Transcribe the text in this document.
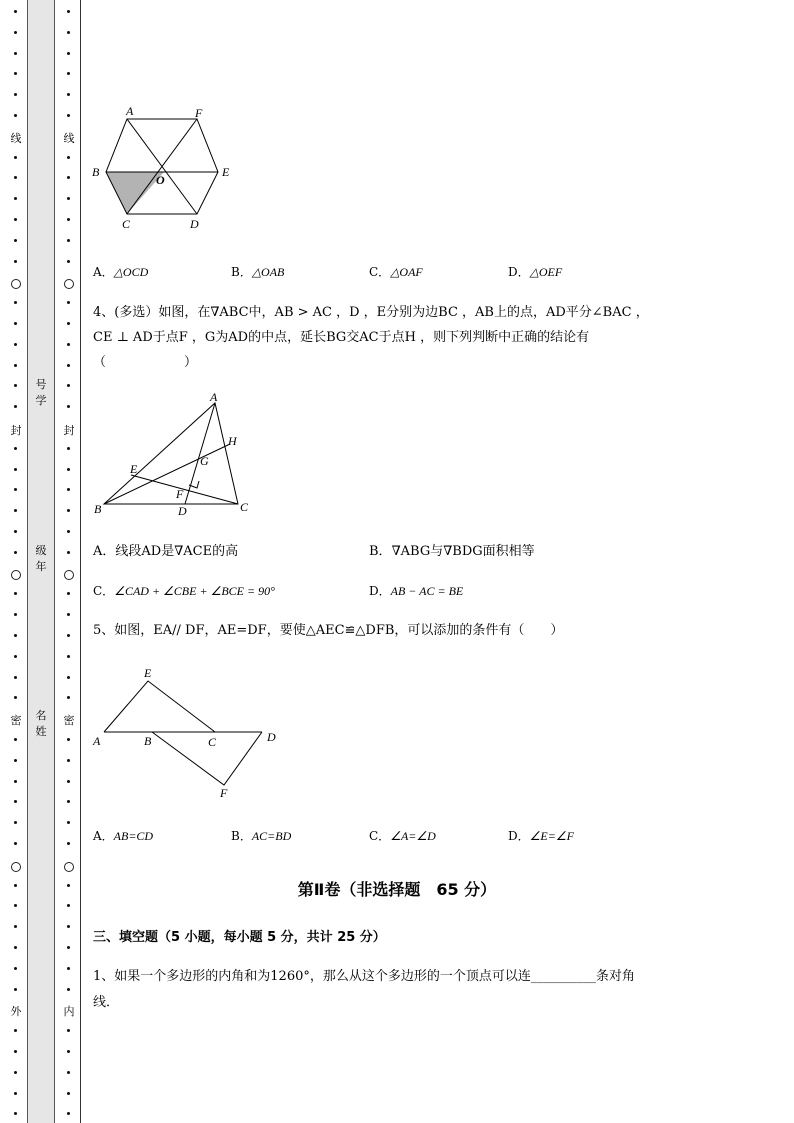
线
封
密
外
线
封
密
内
号学
级年
名姓
A	F
B
O
E
C	D
A．△OCD	B．△OAB	C．△OAF	D．△OEF
4、(多选）如图，在∇ABC中，AB > AC ，D ，E分别为边BC ，AB上的点，AD平分∠BAC ，
CE ⊥ AD于点F ，G为AD的中点，延长BG交AC于点H ，则下列判断中正确的结论有
（　　　　　　）
A
H
G
E
F
B	D	C
A．线段AD是∇ACE的高	B．∇ABG与∇BDG面积相等
C．∠CAD + ∠CBE + ∠BCE = 90°	D．AB − AC = BE
5、如图，EA// DF，AE=DF，要使△AEC≌△DFB，可以添加的条件有（　　）
E
A	B	C	D
F
A．AB=CD	B．AC=BD	C．∠A=∠D	D．∠E=∠F
第Ⅱ卷（非选择题　65 分）
三、填空题（5 小题，每小题 5 分，共计 25 分）
1、如果一个多边形的内角和为1260°，那么从这个多边形的一个顶点可以连__________条对角
线．
